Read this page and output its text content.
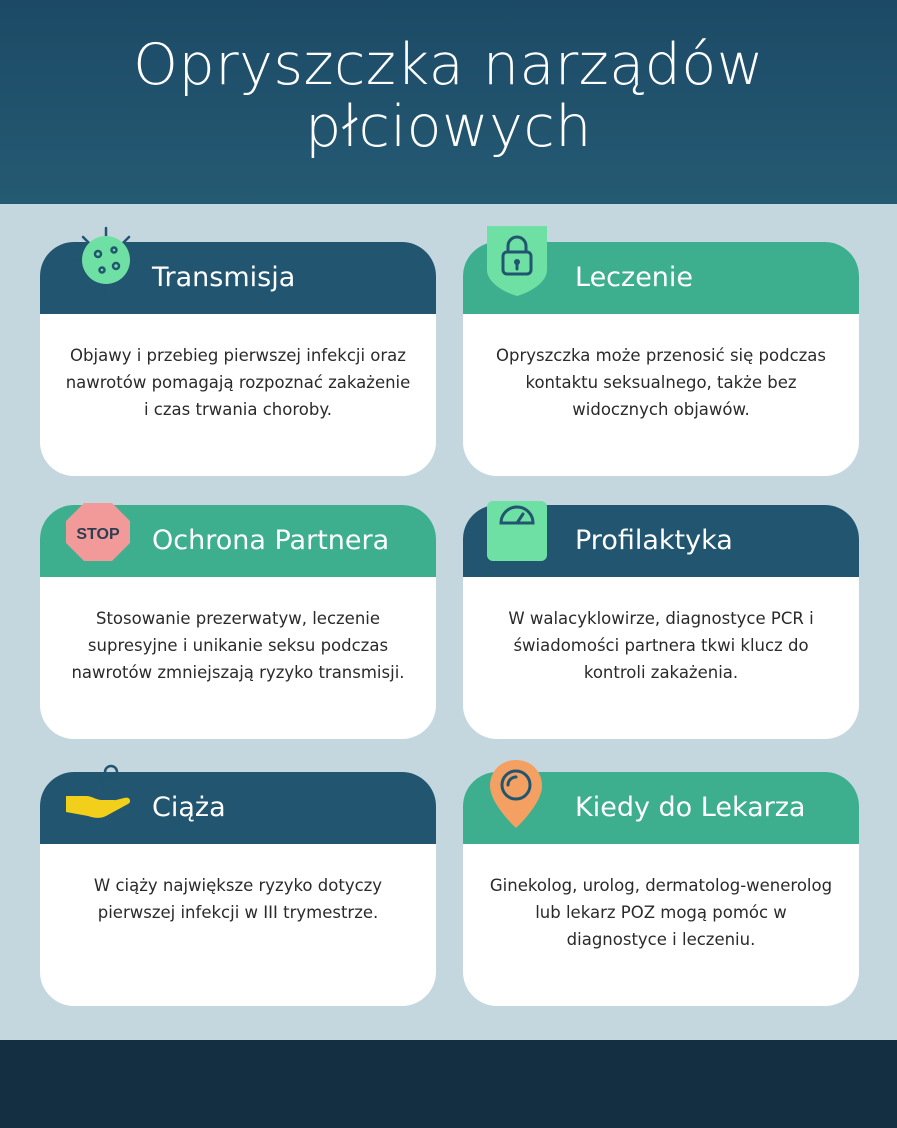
Opryszczka narządów płciowych
Transmisja
Objawy i przebieg pierwszej infekcji oraz nawrotów pomagają rozpoznać zakażenie i czas trwania choroby.
Leczenie
Opryszczka może przenosić się podczas kontaktu seksualnego, także bez widocznych objawów.
STOP Ochrona Partnera
Stosowanie prezerwatyw, leczenie supresyjne i unikanie seksu podczas nawrotów zmniejszają ryzyko transmisji.
Profilaktyka
W walacyklowirze, diagnostyce PCR i świadomości partnera tkwi klucz do kontroli zakażenia.
Ciąża
W ciąży największe ryzyko dotyczy pierwszej infekcji w III trymestrze.
Kiedy do Lekarza
Ginekolog, urolog, dermatolog-wenerolog lub lekarz POZ mogą pomóc w diagnostyce i leczeniu.
